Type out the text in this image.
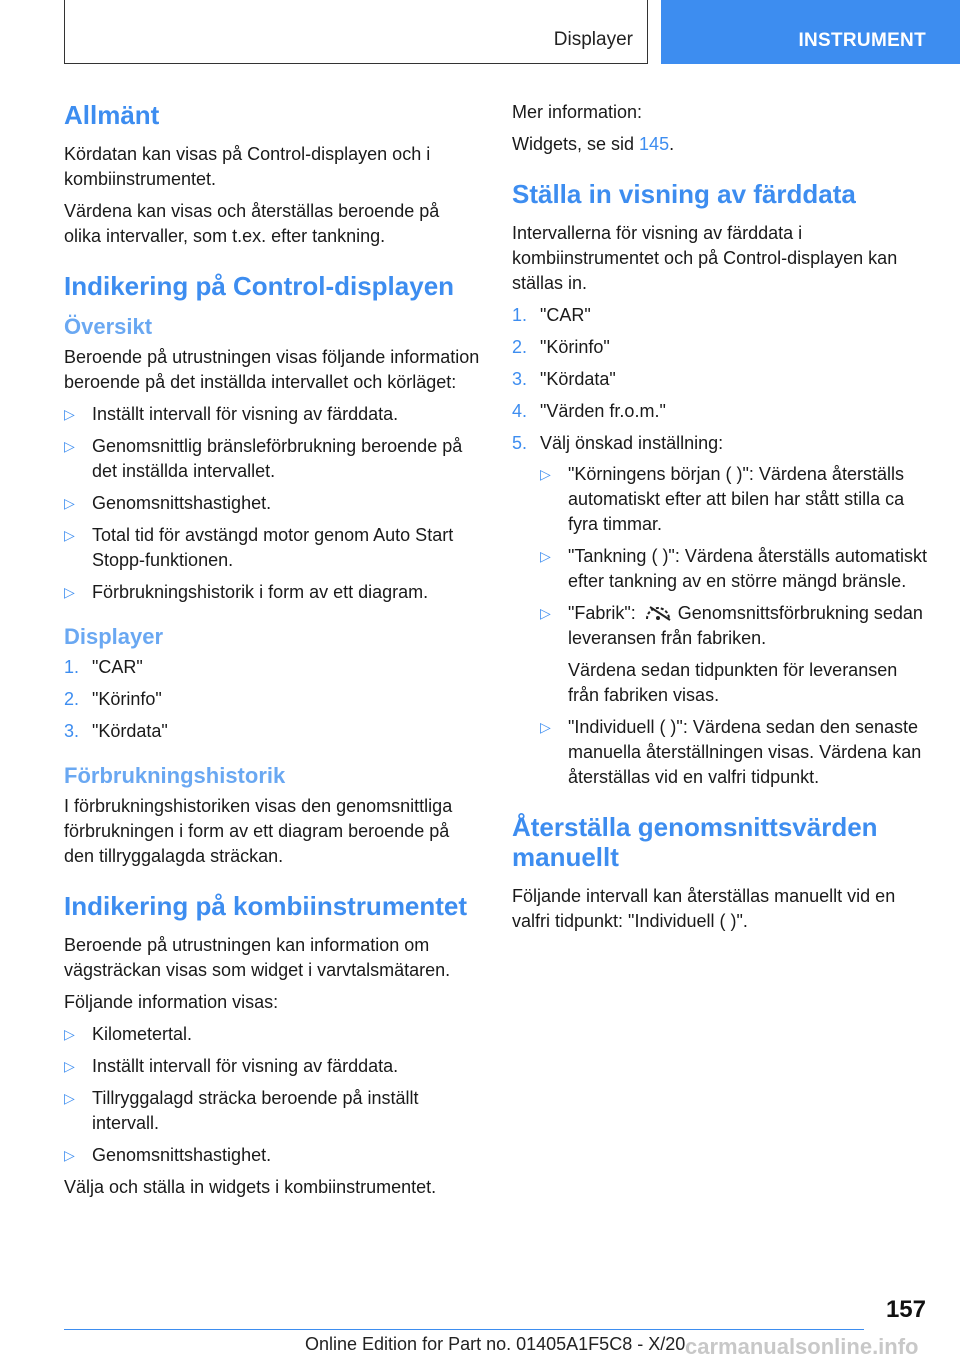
Displayer	INSTRUMENT
Allmänt

Kördatan kan visas på Control-displayen och i kombiinstrumentet.

Värdena kan visas och återställas beroende på olika intervaller, som t.ex. efter tankning.

Indikering på Control-displayen
Översikt

Beroende på utrustningen visas följande information beroende på det inställda intervallet och körläget:

▷ Inställt intervall för visning av färddata.
▷ Genomsnittlig bränsleförbrukning beroende på det inställda intervallet.
▷ Genomsnittshastighet.
▷ Total tid för avstängd motor genom Auto Start Stopp-funktionen.
▷ Förbrukningshistorik i form av ett diagram.
Displayer
1. "CAR"
2. "Körinfo"
3. "Kördata"
Förbrukningshistorik

I förbrukningshistoriken visas den genomsnittliga förbrukningen i form av ett diagram beroende på den tillryggalagda sträckan.

Indikering på kombiinstrumentet

Beroende på utrustningen kan information om vägsträckan visas som widget i varvtalsmätaren.

Följande information visas:

▷ Kilometertal.
▷ Inställt intervall för visning av färddata.
▷ Tillryggalagd sträcka beroende på inställt intervall.
▷ Genomsnittshastighet.

Välja och ställa in widgets i kombiinstrumentet.

Mer information:

Widgets, se sid 145.

Ställa in visning av färddata

Intervallerna för visning av färddata i kombiinstrumentet och på Control-displayen kan ställas in.

1. "CAR"
2. "Körinfo"
3. "Kördata"
4. "Värden fr.o.m."
5. Välj önskad inställning:
▷ "Körningens början ( )": Värdena återställs automatiskt efter att bilen har stått stilla ca fyra timmar.
▷ "Tankning ( )": Värdena återställs automatiskt efter tankning av en större mängd bränsle.
▷ "Fabrik": Genomsnittsförbrukning sedan leveransen från fabriken.

Värdena sedan tidpunkten för leveransen från fabriken visas.

▷ "Individuell ( )": Värdena sedan den senaste manuella återställningen visas. Värdena kan återställas vid en valfri tidpunkt.
Återställa genomsnittsvärden manuellt

Följande intervall kan återställas manuellt vid en valfri tidpunkt: "Individuell ( )".

157
Online Edition for Part no. 01405A1F5C8 - X/20 carmanualsonline.info
